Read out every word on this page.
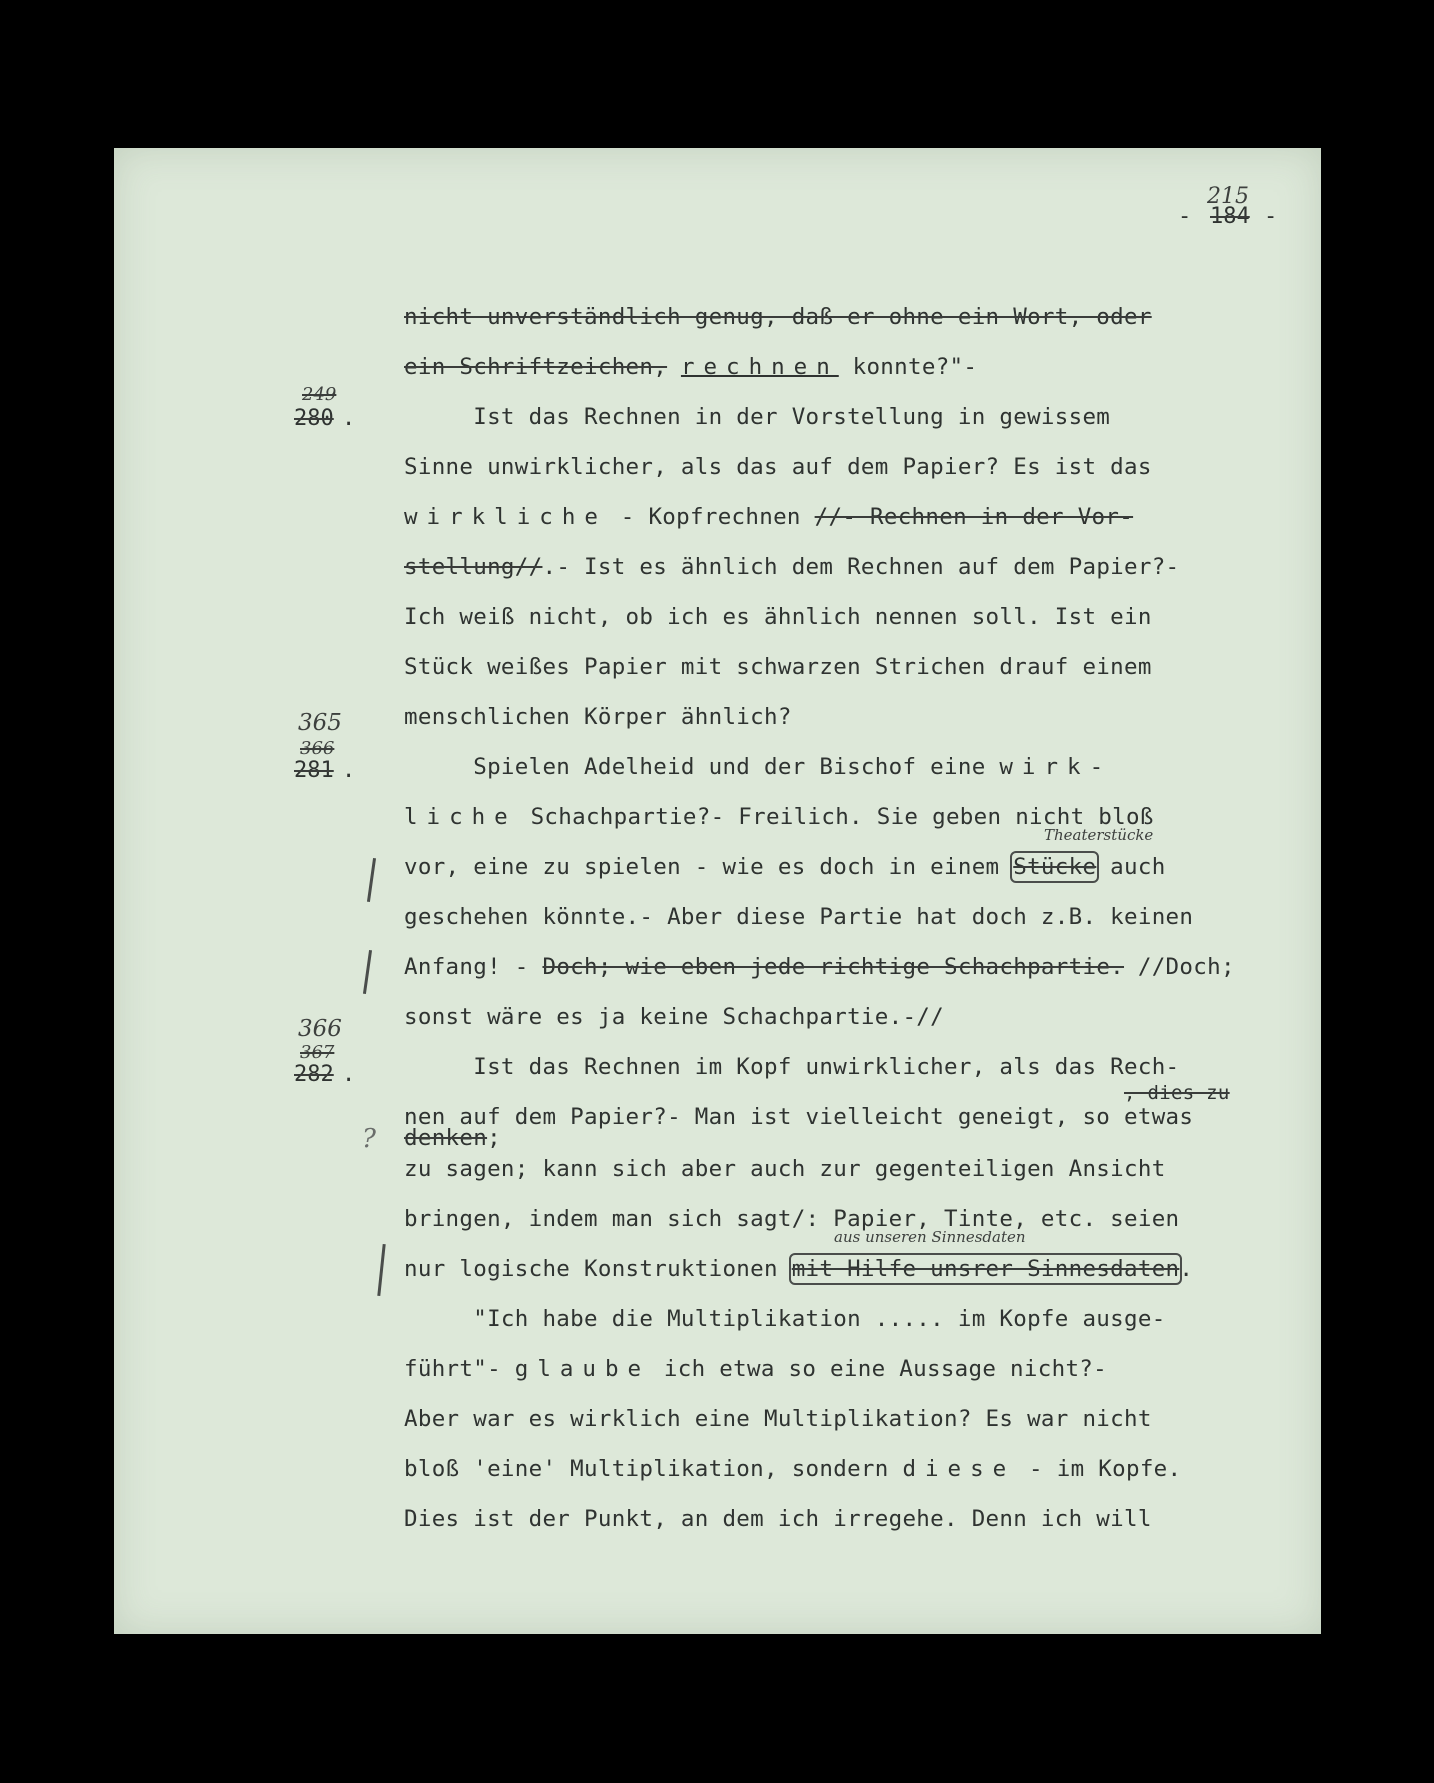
215
- 184 -
249
280 .
365
366
281 .
366
367
282 .
?
nicht unverständlich genug, daß er ohne ein Wort, oder
ein Schriftzeichen, rechnen konnte?"-
Ist das Rechnen in der Vorstellung in gewissem
Sinne unwirklicher, als das auf dem Papier? Es ist das
wirkliche - Kopfrechnen //- Rechnen in der Vor-
stellung//.- Ist es ähnlich dem Rechnen auf dem Papier?-
Ich weiß nicht, ob ich es ähnlich nennen soll. Ist ein
Stück weißes Papier mit schwarzen Strichen drauf einem
menschlichen Körper ähnlich?
Spielen Adelheid und der Bischof eine wirk-
liche Schachpartie?- Freilich. Sie geben nicht bloß
Theaterstücke
vor, eine zu spielen - wie es doch in einem Stücke auch
geschehen könnte.- Aber diese Partie hat doch z.B. keinen
Anfang! - Doch; wie eben jede richtige Schachpartie. //Doch;
sonst wäre es ja keine Schachpartie.-//
Ist das Rechnen im Kopf unwirklicher, als das Rech-
, dies zu
nen auf dem Papier?- Man ist vielleicht geneigt, so etwas
denken;
zu sagen; kann sich aber auch zur gegenteiligen Ansicht
bringen, indem man sich sagt/: Papier, Tinte, etc. seien
aus unseren Sinnesdaten
nur logische Konstruktionen mit Hilfe unsrer Sinnesdaten.
"Ich habe die Multiplikation ..... im Kopfe ausge-
führt"- glaube ich etwa so eine Aussage nicht?-
Aber war es wirklich eine Multiplikation? Es war nicht
bloß 'eine' Multiplikation, sondern diese - im Kopfe.
Dies ist der Punkt, an dem ich irregehe. Denn ich will
